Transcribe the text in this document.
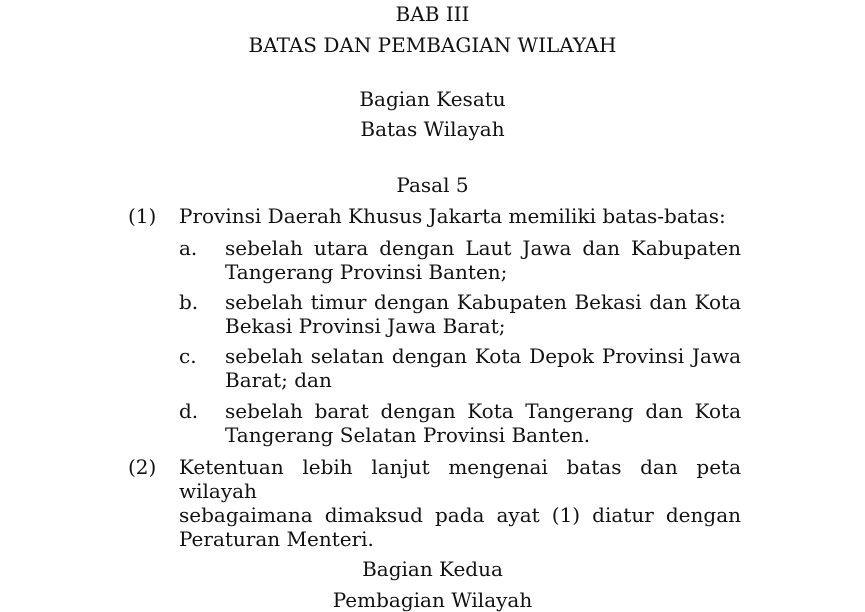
BAB III
BATAS DAN PEMBAGIAN WILAYAH
Bagian Kesatu
Batas Wilayah
Pasal 5
(1) Provinsi Daerah Khusus Jakarta memiliki batas-batas:
a. sebelah utara dengan Laut Jawa dan Kabupaten
Tangerang Provinsi Banten;
b. sebelah timur dengan Kabupaten Bekasi dan Kota
Bekasi Provinsi Jawa Barat;
c. sebelah selatan dengan Kota Depok Provinsi Jawa
Barat; dan
d. sebelah barat dengan Kota Tangerang dan Kota
Tangerang Selatan Provinsi Banten.
(2) Ketentuan lebih lanjut mengenai batas dan peta wilayah
sebagaimana dimaksud pada ayat (1) diatur dengan
Peraturan Menteri.
Bagian Kedua
Pembagian Wilayah
